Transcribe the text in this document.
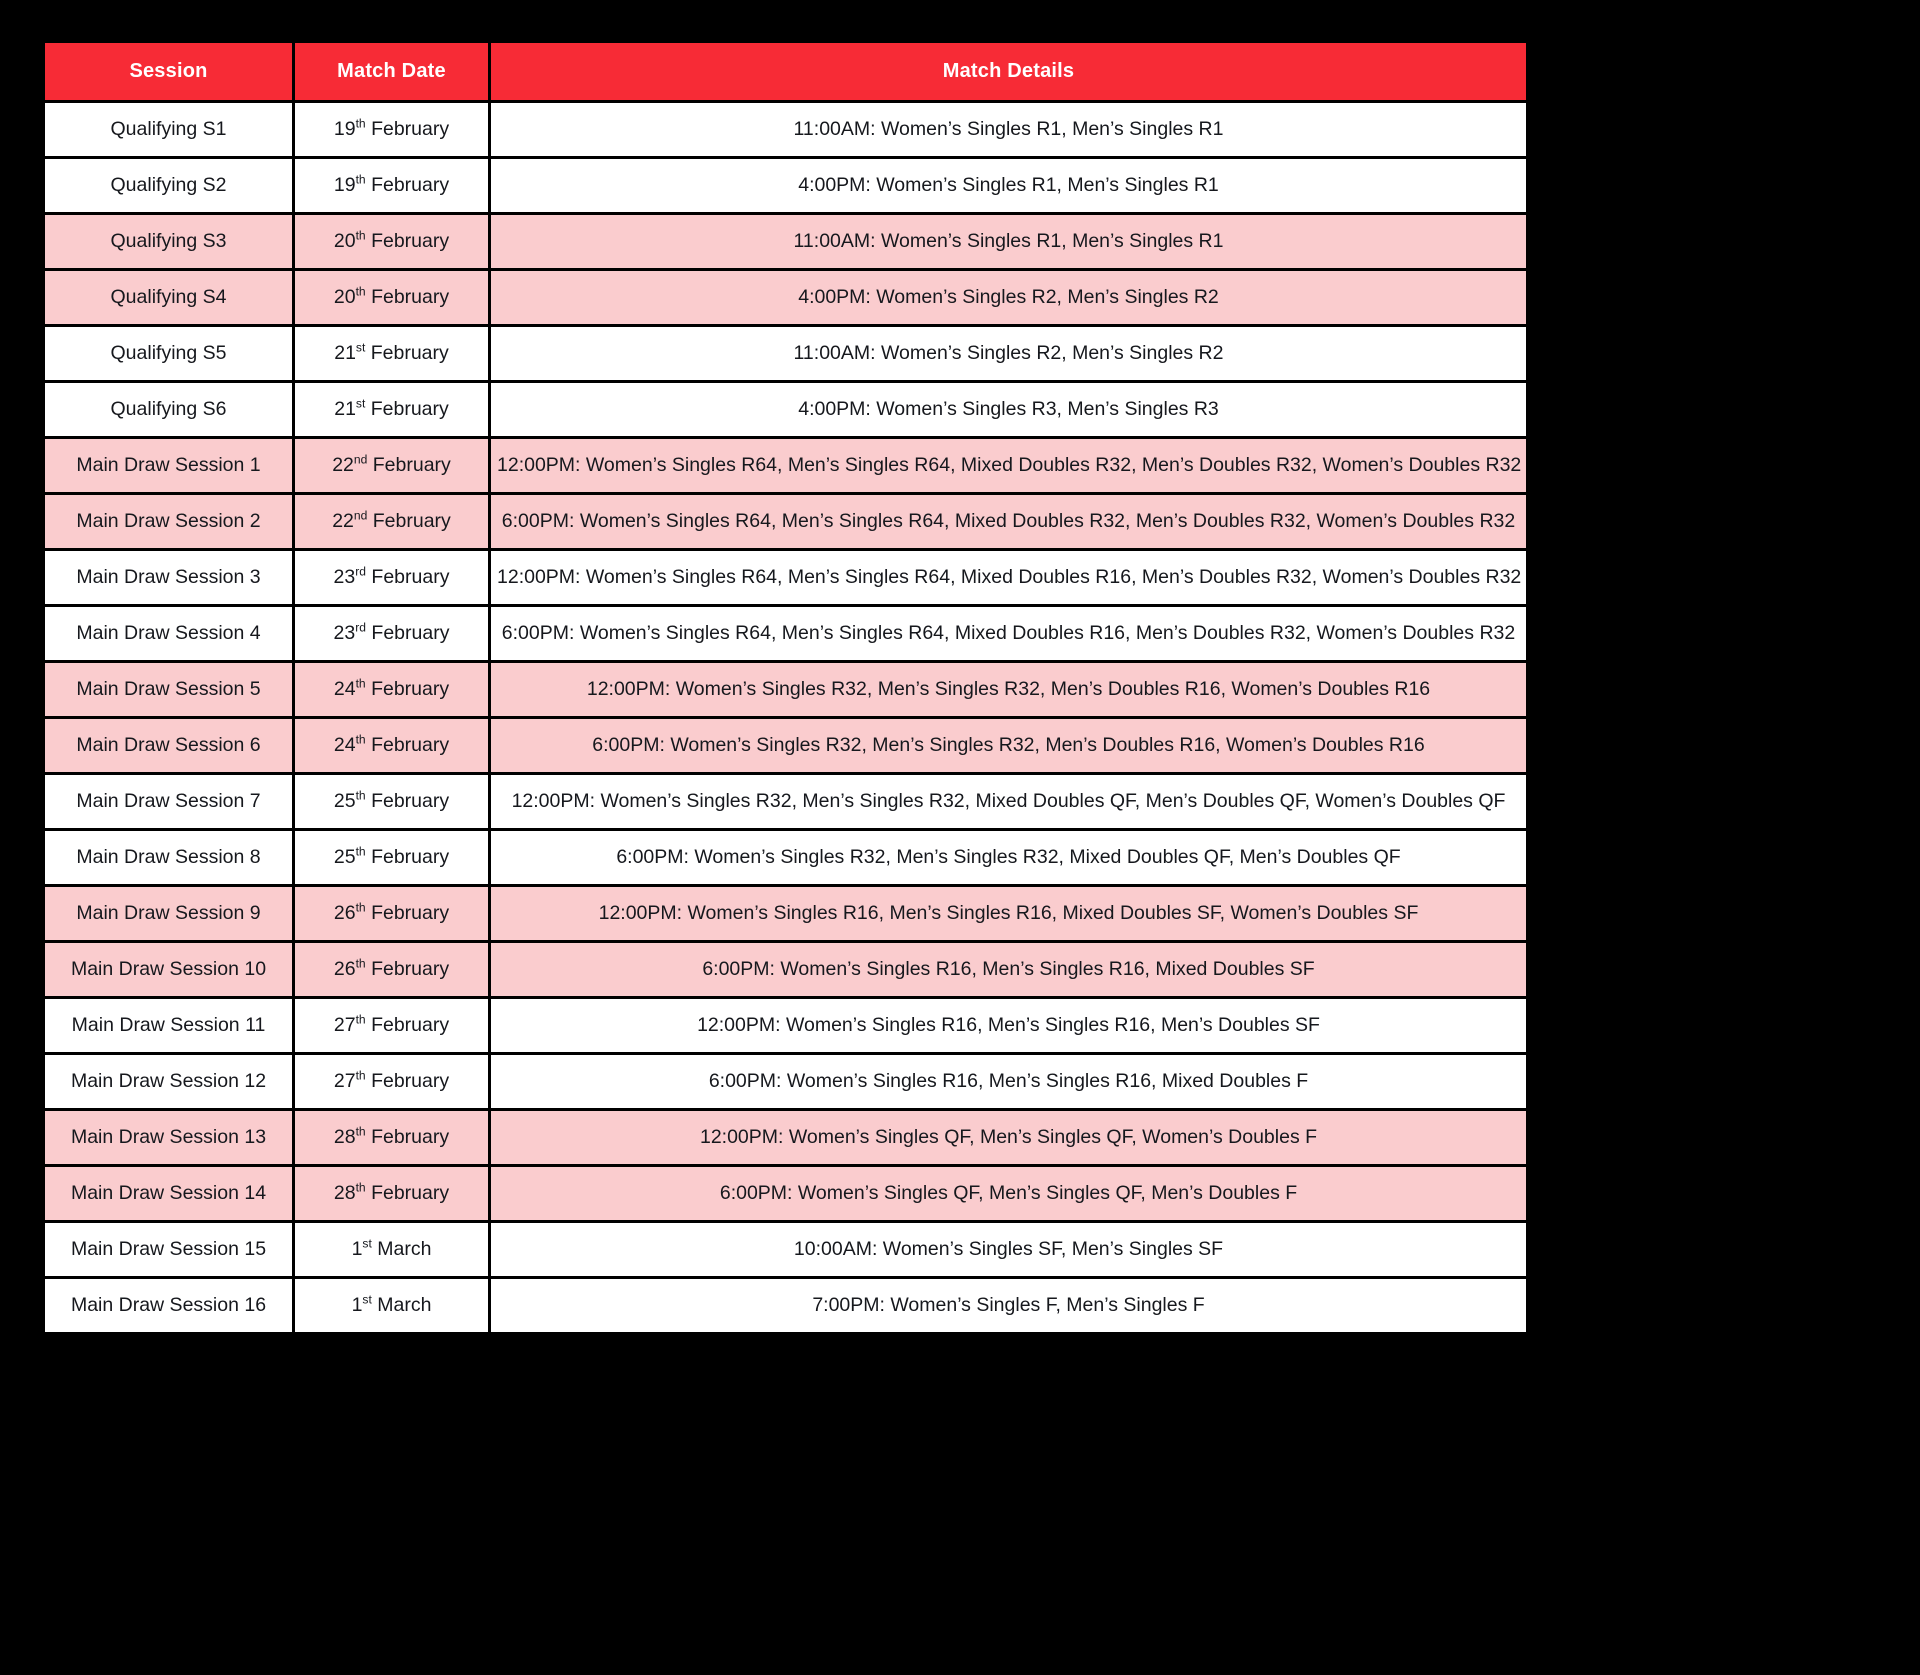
Session	Match Date	Match Details
Qualifying S1	19th February	11:00AM: Women’s Singles R1, Men’s Singles R1
Qualifying S2	19th February	4:00PM: Women’s Singles R1, Men’s Singles R1
Qualifying S3	20th February	11:00AM: Women’s Singles R1, Men’s Singles R1
Qualifying S4	20th February	4:00PM: Women’s Singles R2, Men’s Singles R2
Qualifying S5	21st February	11:00AM: Women’s Singles R2, Men’s Singles R2
Qualifying S6	21st February	4:00PM: Women’s Singles R3, Men’s Singles R3
Main Draw Session 1	22nd February	12:00PM: Women’s Singles R64, Men’s Singles R64, Mixed Doubles R32, Men’s Doubles R32, Women’s Doubles R32
Main Draw Session 2	22nd February	6:00PM: Women’s Singles R64, Men’s Singles R64, Mixed Doubles R32, Men’s Doubles R32, Women’s Doubles R32
Main Draw Session 3	23rd February	12:00PM: Women’s Singles R64, Men’s Singles R64, Mixed Doubles R16, Men’s Doubles R32, Women’s Doubles R32
Main Draw Session 4	23rd February	6:00PM: Women’s Singles R64, Men’s Singles R64, Mixed Doubles R16, Men’s Doubles R32, Women’s Doubles R32
Main Draw Session 5	24th February	12:00PM: Women’s Singles R32, Men’s Singles R32, Men’s Doubles R16, Women’s Doubles R16
Main Draw Session 6	24th February	6:00PM: Women’s Singles R32, Men’s Singles R32, Men’s Doubles R16, Women’s Doubles R16
Main Draw Session 7	25th February	12:00PM: Women’s Singles R32, Men’s Singles R32, Mixed Doubles QF, Men’s Doubles QF, Women’s Doubles QF
Main Draw Session 8	25th February	6:00PM: Women’s Singles R32, Men’s Singles R32, Mixed Doubles QF, Men’s Doubles QF
Main Draw Session 9	26th February	12:00PM: Women’s Singles R16, Men’s Singles R16, Mixed Doubles SF, Women’s Doubles SF
Main Draw Session 10	26th February	6:00PM: Women’s Singles R16, Men’s Singles R16, Mixed Doubles SF
Main Draw Session 11	27th February	12:00PM: Women’s Singles R16, Men’s Singles R16, Men’s Doubles SF
Main Draw Session 12	27th February	6:00PM: Women’s Singles R16, Men’s Singles R16, Mixed Doubles F
Main Draw Session 13	28th February	12:00PM: Women’s Singles QF, Men’s Singles QF, Women’s Doubles F
Main Draw Session 14	28th February	6:00PM: Women’s Singles QF, Men’s Singles QF, Men’s Doubles F
Main Draw Session 15	1st March	10:00AM: Women’s Singles SF, Men’s Singles SF
Main Draw Session 16	1st March	7:00PM: Women’s Singles F, Men’s Singles F
